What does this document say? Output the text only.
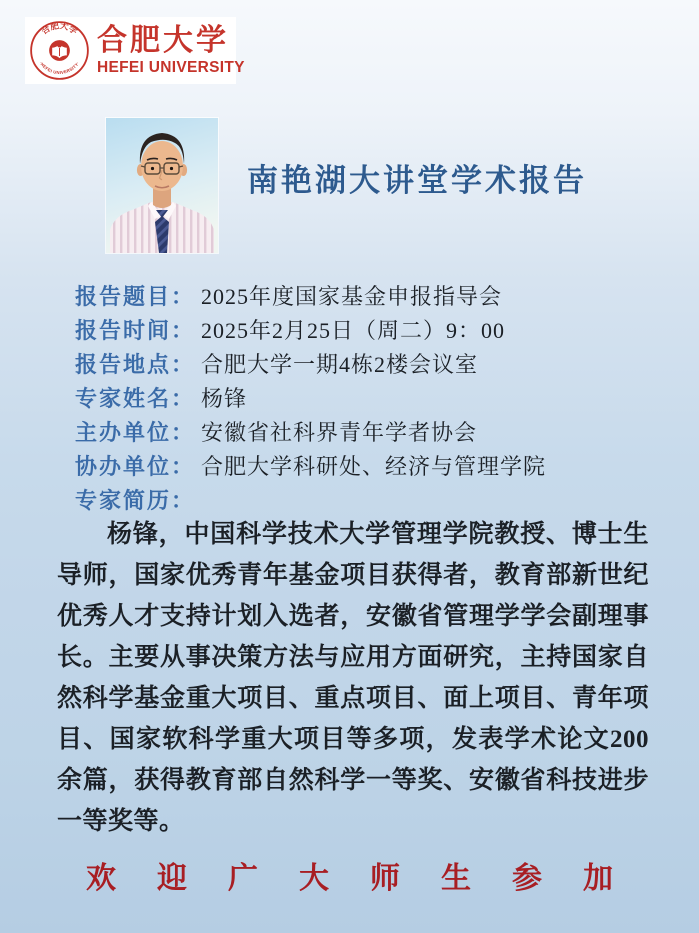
合肥大学
·HEFEI UNIVERSITY·
合肥大学
HEFEI UNIVERSITY
南艳湖大讲堂学术报告
报告题目： 2025年度国家基金申报指导会
报告时间： 2025年2月25日（周二）9：00
报告地点： 合肥大学一期4栋2楼会议室
专家姓名： 杨锋
主办单位： 安徽省社科界青年学者协会
协办单位： 合肥大学科研处、经济与管理学院
专家简历：
杨锋，中国科学技术大学管理学院教授、博士生导师，国家优秀青年基金项目获得者，教育部新世纪优秀人才支持计划入选者，安徽省管理学学会副理事长。主要从事决策方法与应用方面研究，主持国家自然科学基金重大项目、重点项目、面上项目、青年项目、国家软科学重大项目等多项，发表学术论文200余篇，获得教育部自然科学一等奖、安徽省科技进步一等奖等。
欢迎广大师生参加
